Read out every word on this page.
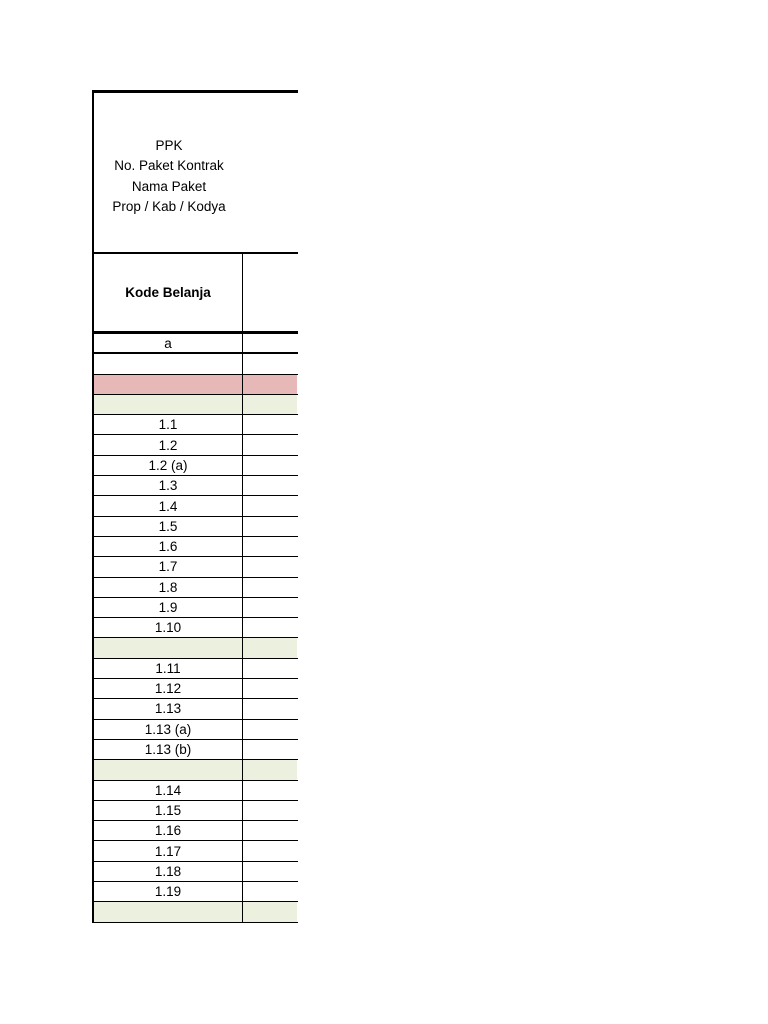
PPK
No. Paket Kontrak
Nama Paket
Prop / Kab / Kodya
Kode Belanja
a
1.1
1.2
1.2 (a)
1.3
1.4
1.5
1.6
1.7
1.8
1.9
1.10
1.11
1.12
1.13
1.13 (a)
1.13 (b)
1.14
1.15
1.16
1.17
1.18
1.19
